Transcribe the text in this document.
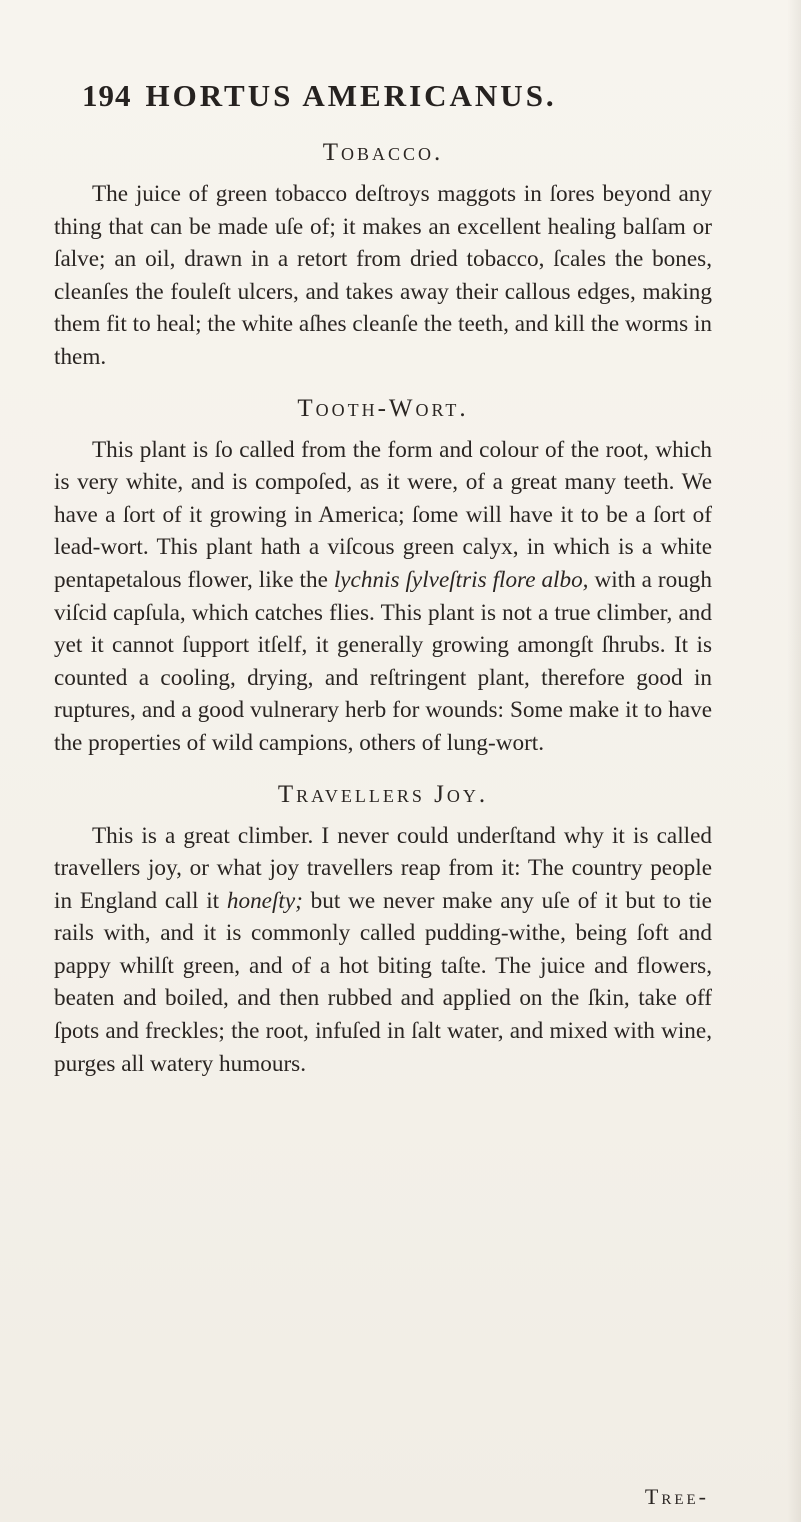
194 HORTUS AMERICANUS.
Tobacco.

The juice of green tobacco deſtroys maggots in ſores beyond any thing that can be made uſe of; it makes an excellent healing balſam or ſalve; an oil, drawn in a retort from dried tobacco, ſcales the bones, cleanſes the fouleſt ulcers, and takes away their callous edges, making them fit to heal; the white aſhes cleanſe the teeth, and kill the worms in them.

Tooth-Wort.

This plant is ſo called from the form and colour of the root, which is very white, and is compoſed, as it were, of a great many teeth. We have a ſort of it growing in America; ſome will have it to be a ſort of lead-wort. This plant hath a viſcous green calyx, in which is a white pentapetalous flower, like the lychnis ſylveſtris flore albo, with a rough viſcid capſula, which catches flies. This plant is not a true climber, and yet it cannot ſupport itſelf, it generally growing amongſt ſhrubs. It is counted a cooling, drying, and reſtringent plant, therefore good in ruptures, and a good vulnerary herb for wounds: Some make it to have the properties of wild campions, others of lung-wort.

Travellers Joy.

This is a great climber. I never could underſtand why it is called travellers joy, or what joy travellers reap from it: The country people in England call it honeſty; but we never make any uſe of it but to tie rails with, and it is commonly called pudding-withe, being ſoft and pappy whilſt green, and of a hot biting taſte. The juice and flowers, beaten and boiled, and then rubbed and applied on the ſkin, take off ſpots and freckles; the root, infuſed in ſalt water, and mixed with wine, purges all watery humours.

Tree-
